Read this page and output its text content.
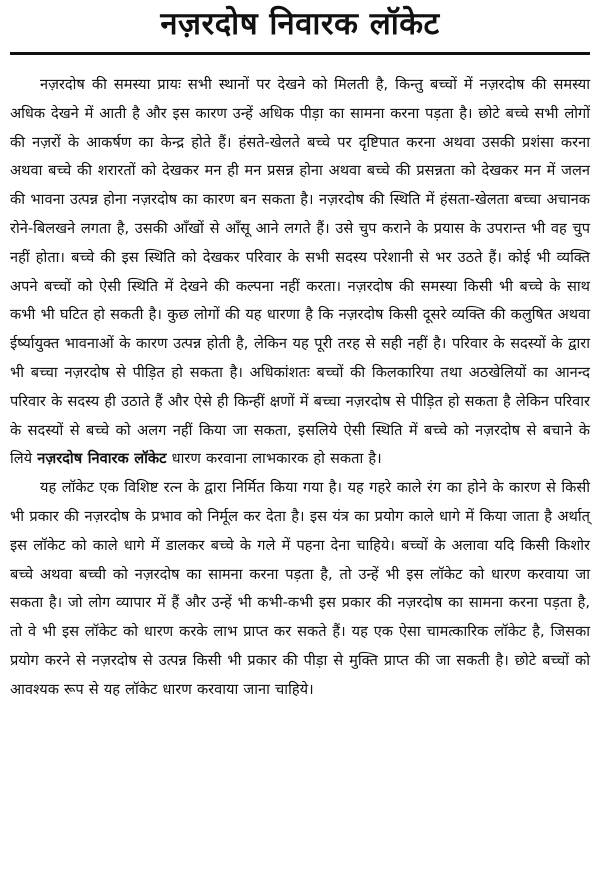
नज़रदोष निवारक लॉकेट

नज़रदोष की समस्या प्रायः सभी स्थानों पर देखने को मिलती है, किन्तु बच्चों में नज़रदोष की समस्या अधिक देखने में आती है और इस कारण उन्हें अधिक पीड़ा का सामना करना पड़ता है। छोटे बच्चे सभी लोगों की नज़रों के आकर्षण का केन्द्र होते हैं। हंसते-खेलते बच्चे पर दृष्टिपात करना अथवा उसकी प्रशंसा करना अथवा बच्चे की शरारतों को देखकर मन ही मन प्रसन्न होना अथवा बच्चे की प्रसन्नता को देखकर मन में जलन की भावना उत्पन्न होना नज़रदोष का कारण बन सकता है। नज़रदोष की स्थिति में हंसता-खेलता बच्चा अचानक रोने-बिलखने लगता है, उसकी आँखों से आँसू आने लगते हैं। उसे चुप कराने के प्रयास के उपरान्त भी वह चुप नहीं होता। बच्चे की इस स्थिति को देखकर परिवार के सभी सदस्य परेशानी से भर उठते हैं। कोई भी व्यक्ति अपने बच्चों को ऐसी स्थिति में देखने की कल्पना नहीं करता। नज़रदोष की समस्या किसी भी बच्चे के साथ कभी भी घटित हो सकती है। कुछ लोगों की यह धारणा है कि नज़रदोष किसी दूसरे व्यक्ति की कलुषित अथवा ईर्ष्यायुक्त भावनाओं के कारण उत्पन्न होती है, लेकिन यह पूरी तरह से सही नहीं है। परिवार के सदस्यों के द्वारा भी बच्चा नज़रदोष से पीड़ित हो सकता है। अधिकांशतः बच्चों की किलकारिया तथा अठखेलियों का आनन्द परिवार के सदस्य ही उठाते हैं और ऐसे ही किन्हीं क्षणों में बच्चा नज़रदोष से पीड़ित हो सकता है लेकिन परिवार के सदस्यों से बच्चे को अलग नहीं किया जा सकता, इसलिये ऐसी स्थिति में बच्चे को नज़रदोष से बचाने के लिये नज़रदोष निवारक लॉकेट धारण करवाना लाभकारक हो सकता है।

यह लॉकेट एक विशिष्ट रत्न के द्वारा निर्मित किया गया है। यह गहरे काले रंग का होने के कारण से किसी भी प्रकार की नज़रदोष के प्रभाव को निर्मूल कर देता है। इस यंत्र का प्रयोग काले धागे में किया जाता है अर्थात् इस लॉकेट को काले धागे में डालकर बच्चे के गले में पहना देना चाहिये। बच्चों के अलावा यदि किसी किशोर बच्चे अथवा बच्ची को नज़रदोष का सामना करना पड़ता है, तो उन्हें भी इस लॉकेट को धारण करवाया जा सकता है। जो लोग व्यापार में हैं और उन्हें भी कभी-कभी इस प्रकार की नज़रदोष का सामना करना पड़ता है, तो वे भी इस लॉकेट को धारण करके लाभ प्राप्त कर सकते हैं। यह एक ऐसा चामत्कारिक लॉकेट है, जिसका प्रयोग करने से नज़रदोष से उत्पन्न किसी भी प्रकार की पीड़ा से मुक्ति प्राप्त की जा सकती है। छोटे बच्चों को आवश्यक रूप से यह लॉकेट धारण करवाया जाना चाहिये।
